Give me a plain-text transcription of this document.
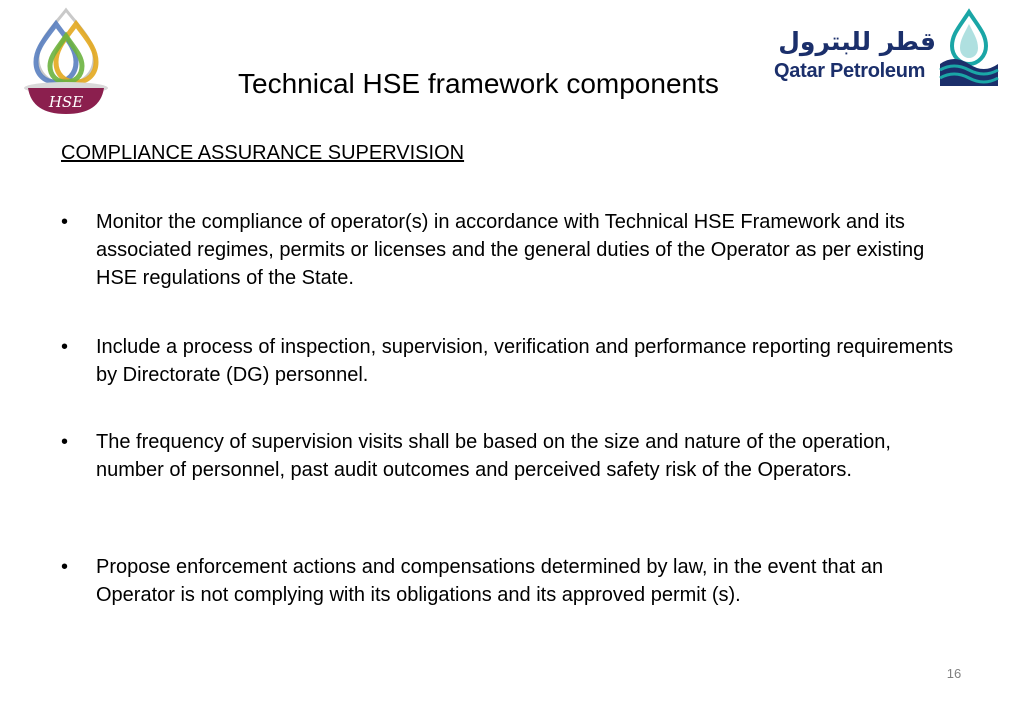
HSE
قطر للبترول
Qatar Petroleum
Technical HSE framework components
COMPLIANCE ASSURANCE SUPERVISION
•	Monitor the compliance of operator(s) in accordance with Technical HSE Framework and its associated regimes, permits or licenses and the general duties of the Operator as per existing HSE regulations of the State.
•	Include a process of inspection, supervision, verification and performance reporting requirements by Directorate (DG) personnel.
•	The frequency of supervision visits shall be based on the size and nature of the operation, number of personnel, past audit outcomes and perceived safety risk of the Operators.
•	Propose enforcement actions and compensations determined by law, in the event that an Operator is not complying with its obligations and its approved permit (s).
16
